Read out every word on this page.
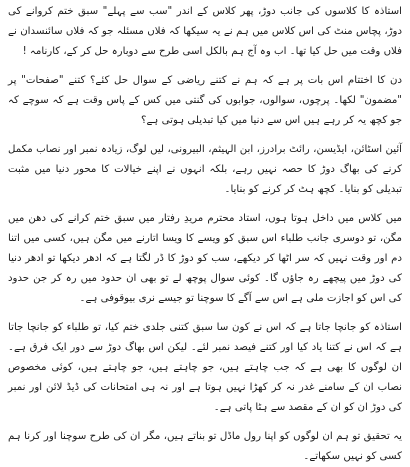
استاذہ کا کلاسوں کی جانب دوڑ، پھر کلاس کے اندر "سب سے پہلے" سبق ختم کروانے کی دوڑ، پچاس منٹ کی اس کلاس میں ہم نے یہ سیکھا کہ فلاں مسئلہ جو کہ فلاں سائنسدان نے فلاں وقت میں حل کیا تھا۔ اب وہ آج ہم بالکل اسی طرح سے دوبارہ حل کر کے، کارنامہ !

دن کا اختتام اس بات پر ہے کہ ہم نے کتنے ریاضی کے سوال حل کئے؟ کتنے "صفحات" پر "مضمون" لکھا۔ پرچوں، سوالوں، جوابوں کی گنتی میں کس کے پاس وقت ہے کہ سوچے کہ جو کچھ یہ کر رہے ہیں اس سے دنیا میں کیا تبدیلی ہوتی ہے؟

آئین اسٹائن، ایڈیسن، رائٹ برادرز، ابن الہیثم، البیرونی، لیں لوگ، زیادہ نمبر اور نصاب مکمل کرنے کی بھاگ دوڑ کا حصہ نہیں رہے، بلکہ انہوں نے اپنے خیالات کا محور دنیا میں مثبت تبدیلی کو بنایا۔ کچھ ہٹ کر کرنے کو بنایا۔

میں کلاس میں داخل ہوتا ہوں، استاد محترم مریدِ رفتار میں سبق ختم کرانے کی دھن میں مگن، تو دوسری جانب طلباء اس سبق کو ویسے کا ویسا اتارنے میں مگن ہیں، کسی میں اتنا دم اور وقت نہیں کہ سر اٹھا کر دیکھے، سب کو دوڑ کا ڈر لگتا ہے کہ ادھر دیکھا تو ادھر دنیا کی دوڑ میں پیچھے رہ جاؤں گا۔ کوئی سوال پوچھ لے تو بھی ان حدود میں رہ کر جن حدود کی اس کو اجازت ملی ہے اس سے آگے کا سوچنا تو جیسے نری بیوقوفی ہے۔

استاذہ کو جانچا جاتا ہے کہ اس نے کون سا سبق کتنی جلدی ختم کیا، تو طلباء کو جانچا جاتا ہے کہ اس نے کتنا یاد کیا اور کتنے فیصد نمبر لئے۔ لیکن اس بھاگ دوڑ سے دور ایک فرق ہے۔ ان لوگوں کا بھی ہے کہ جب چاہتے ہیں، جو چاہتے ہیں، جو چاہتے ہیں، کوئی مخصوص نصاب ان کے سامنے غدر نہ کر کھڑا نہیں ہوتا ہے اور نہ ہی امتحانات کی ڈیڈ لائن اور نمبر کی دوڑ ان کو ان کے مقصد سے ہٹا پاتی ہے۔

یہ تحقیق تو ہم ان لوگوں کو اپنا رول ماڈل تو بناتے ہیں، مگر ان کی طرح سوچنا اور کرنا ہم کسی کو نہیں سکھاتے۔
